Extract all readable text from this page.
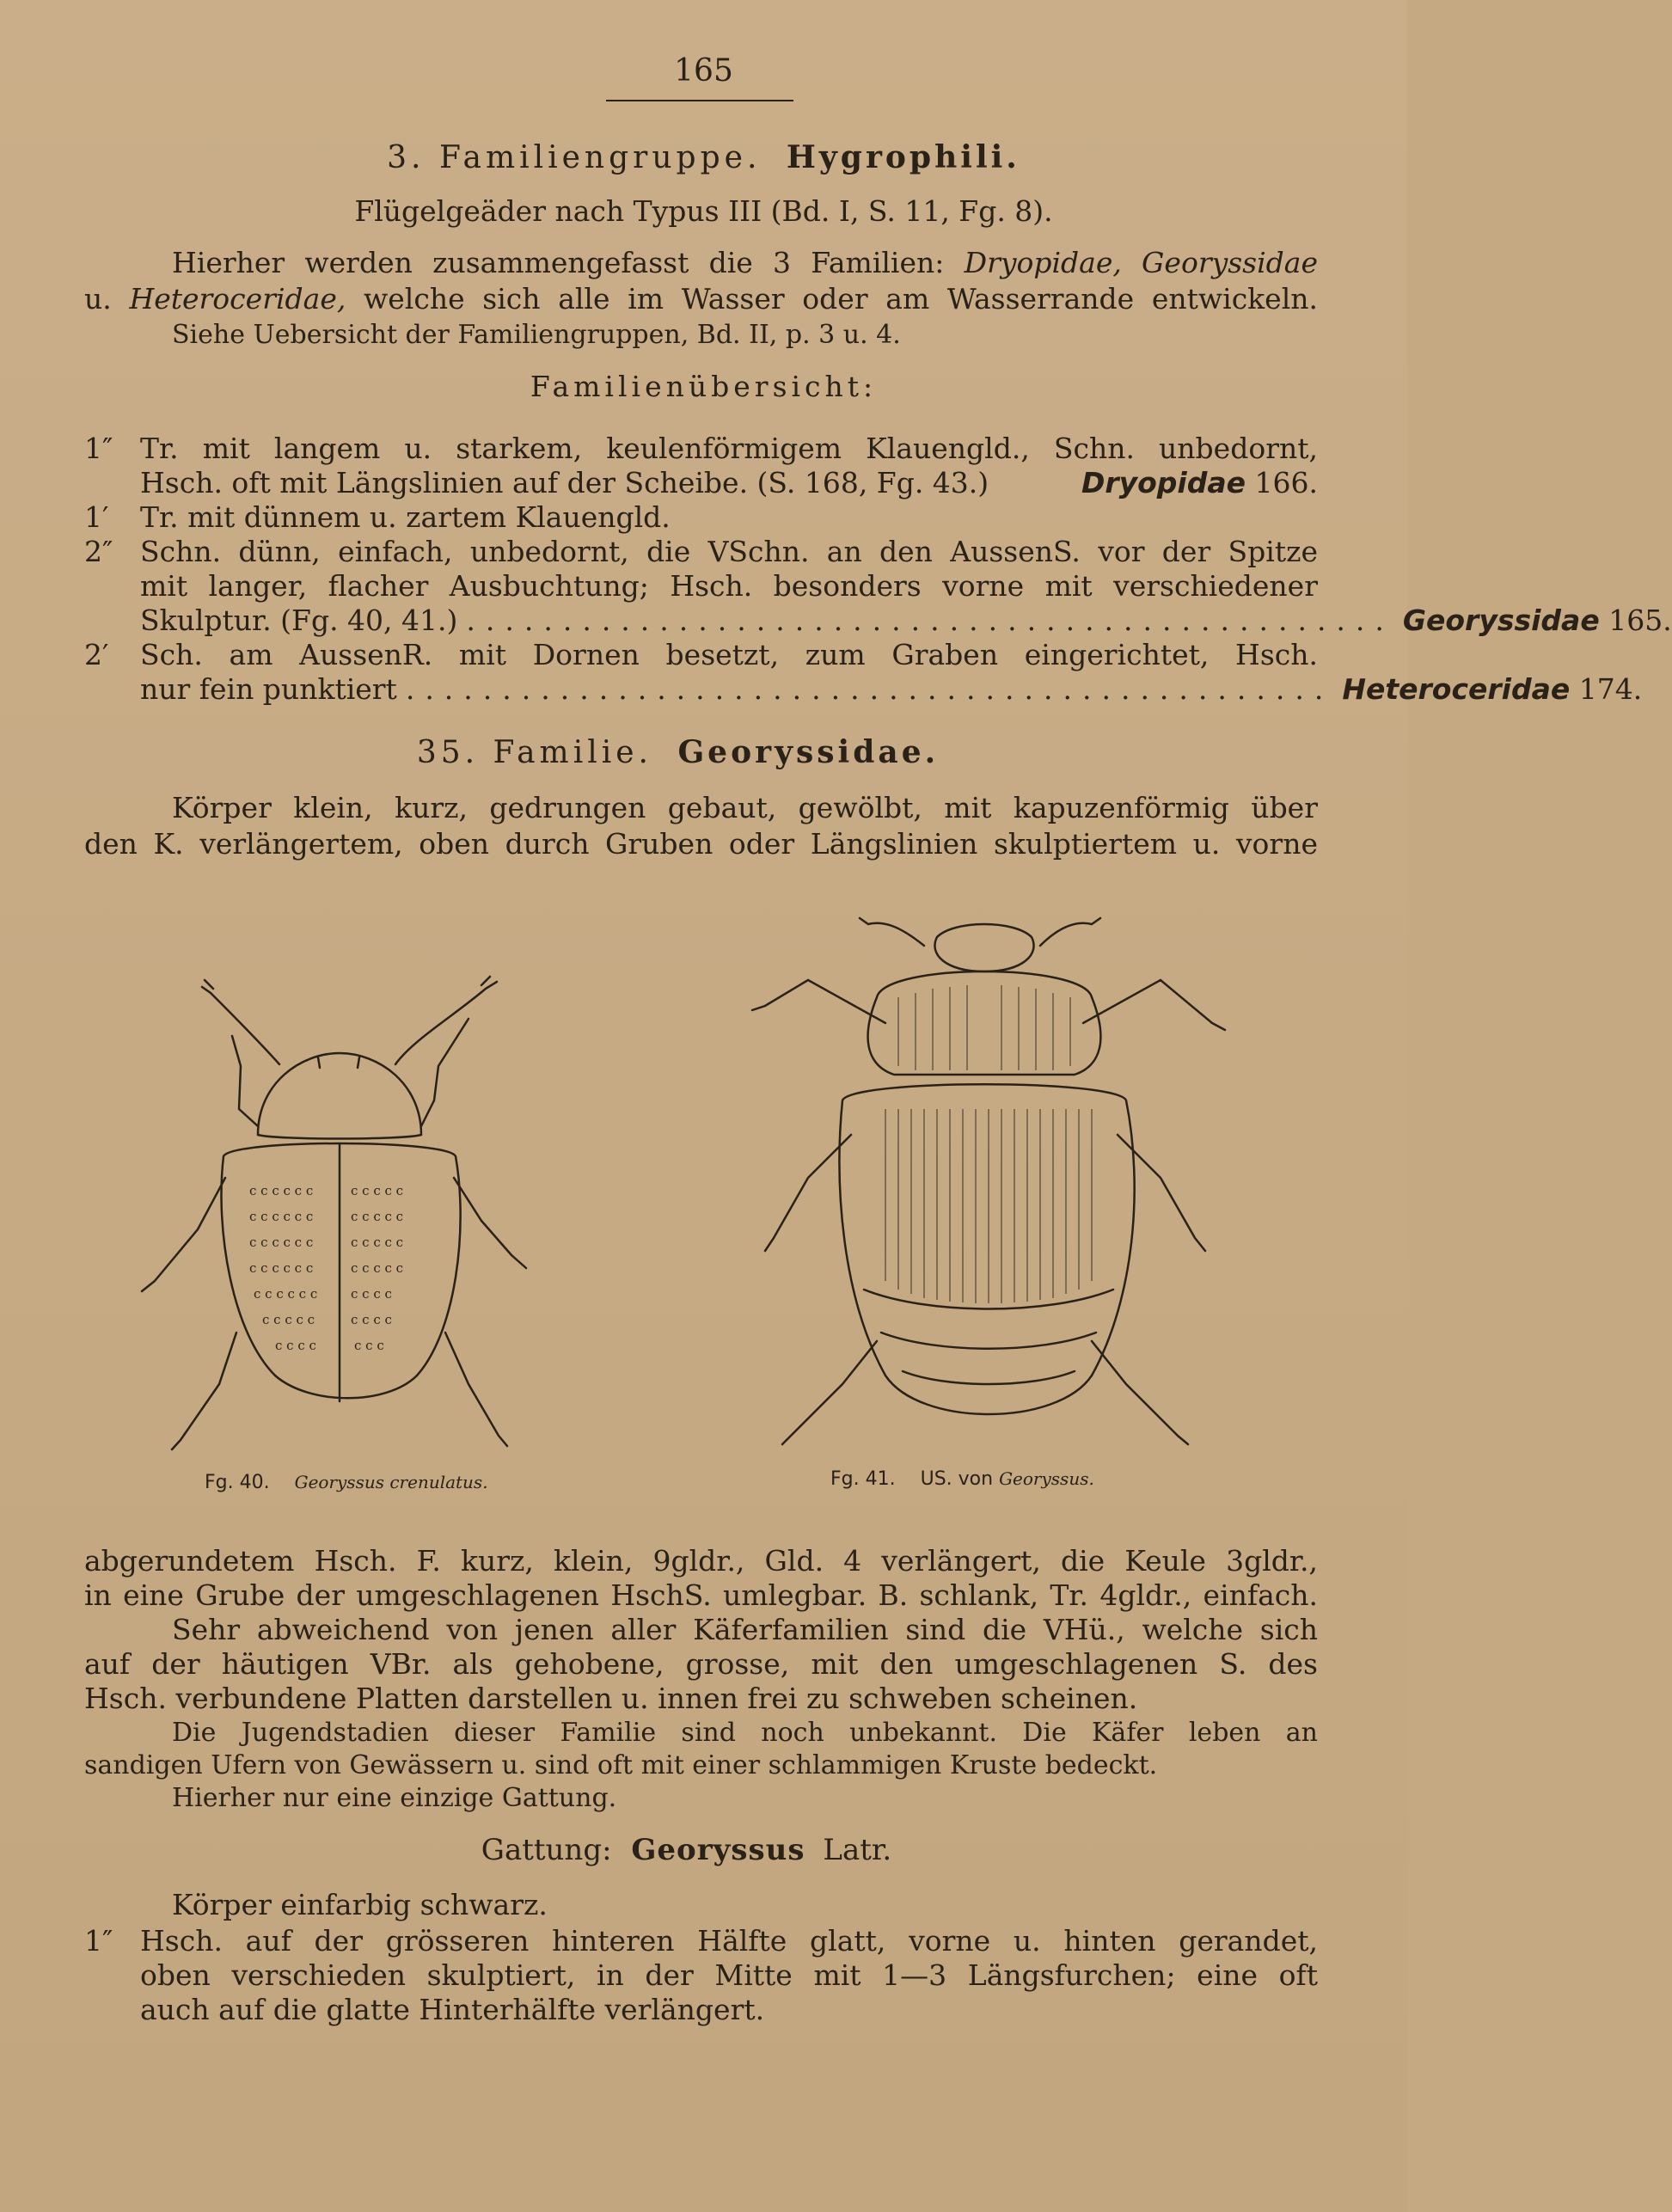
165
3. Familiengruppe. Hygrophili.
Flügelgeäder nach Typus III (Bd. I, S. 11, Fg. 8).
Hierher werden zusammengefasst die 3 Familien: Dryopidae, Georyssidae
u. Heteroceridae, welche sich alle im Wasser oder am Wasserrande entwickeln.
Siehe Uebersicht der Familiengruppen, Bd. II, p. 3 u. 4.
Familienübersicht:
1″ Tr. mit langem u. starkem, keulenförmigem Klauengld., Schn. unbedornt,
Hsch. oft mit Längslinien auf der Scheibe. (S. 168, Fg. 43.)	Dryopidae 166.
1′ Tr. mit dünnem u. zartem Klauengld.
2″ Schn. dünn, einfach, unbedornt, die VSchn. an den AussenS. vor der Spitze
mit langer, flacher Ausbuchtung; Hsch. besonders vorne mit verschiedener
Skulptur. (Fg. 40, 41.) ................................................ Georyssidae 165.
2′ Sch. am AussenR. mit Dornen besetzt, zum Graben eingerichtet, Hsch.
nur fein punktiert ................................................ Heteroceridae 174.
35. Familie. Georyssidae.
Körper klein, kurz, gedrungen gebaut, gewölbt, mit kapuzenförmig über
den K. verlängertem, oben durch Gruben oder Längslinien skulptiertem u. vorne
c c c c c c
c c c c c c
c c c c c c
c c c c c c
c c c c c c
c c c c c
c c c c
c c c c c
c c c c c
c c c c c
c c c c c
c c c c
c c c c
c c c
Fg. 40. Georyssus crenulatus.	Fg. 41. US. von Georyssus.
abgerundetem Hsch. F. kurz, klein, 9gldr., Gld. 4 verlängert, die Keule 3gldr.,
in eine Grube der umgeschlagenen HschS. umlegbar. B. schlank, Tr. 4gldr., einfach.
Sehr abweichend von jenen aller Käferfamilien sind die VHü., welche sich
auf der häutigen VBr. als gehobene, grosse, mit den umgeschlagenen S. des
Hsch. verbundene Platten darstellen u. innen frei zu schweben scheinen.
Die Jugendstadien dieser Familie sind noch unbekannt. Die Käfer leben an
sandigen Ufern von Gewässern u. sind oft mit einer schlammigen Kruste bedeckt.
Hierher nur eine einzige Gattung.
Gattung: Georyssus Latr.
Körper einfarbig schwarz.
1″ Hsch. auf der grösseren hinteren Hälfte glatt, vorne u. hinten gerandet,
oben verschieden skulptiert, in der Mitte mit 1—3 Längsfurchen; eine oft
auch auf die glatte Hinterhälfte verlängert.
